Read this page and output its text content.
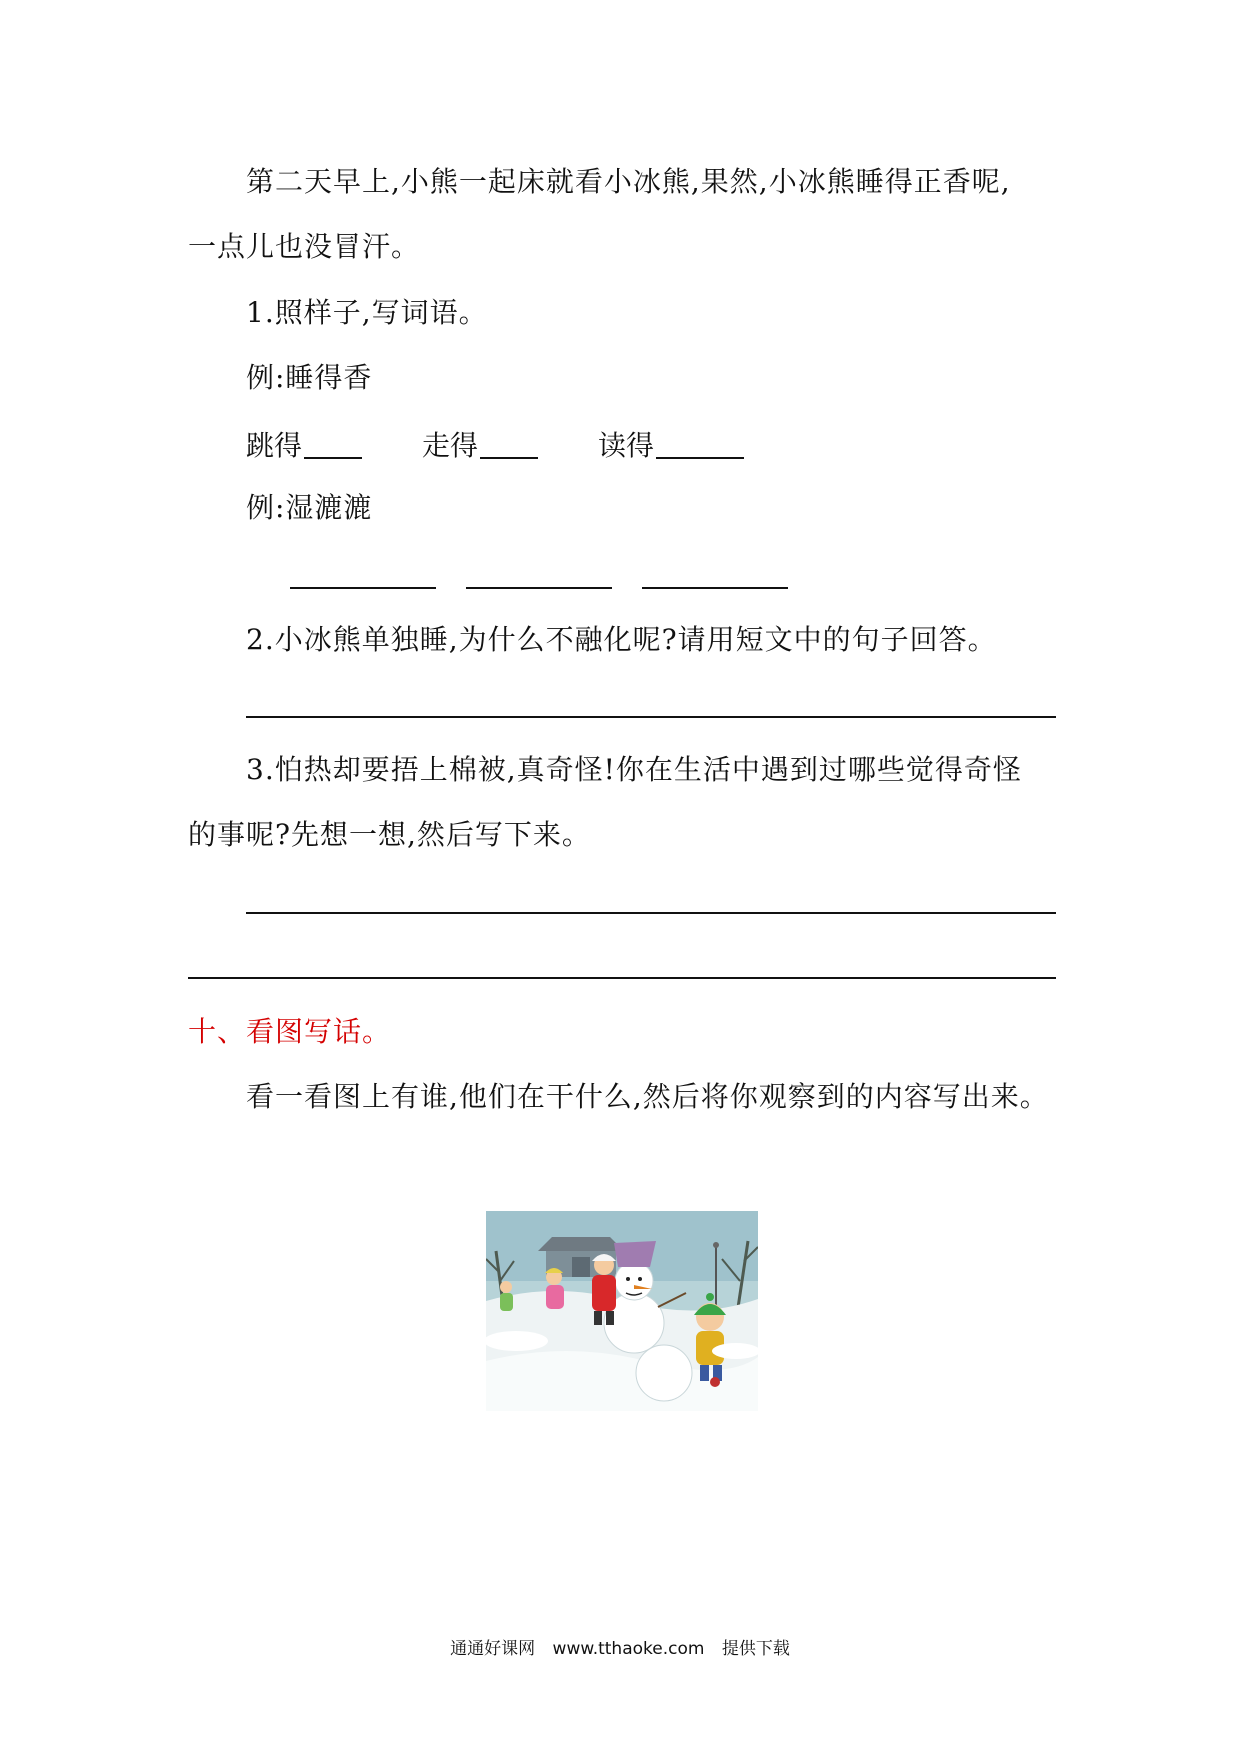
第二天早上,小熊一起床就看小冰熊,果然,小冰熊睡得正香呢,
一点儿也没冒汗。
1.照样子,写词语。
例:睡得香
跳得	走得	读得
例:湿漉漉
2.小冰熊单独睡,为什么不融化呢?请用短文中的句子回答。
3.怕热却要捂上棉被,真奇怪!你在生活中遇到过哪些觉得奇怪
的事呢?先想一想,然后写下来。
十、看图写话。
看一看图上有谁,他们在干什么,然后将你观察到的内容写出来。
通通好课网 www.tthaoke.com 提供下载
